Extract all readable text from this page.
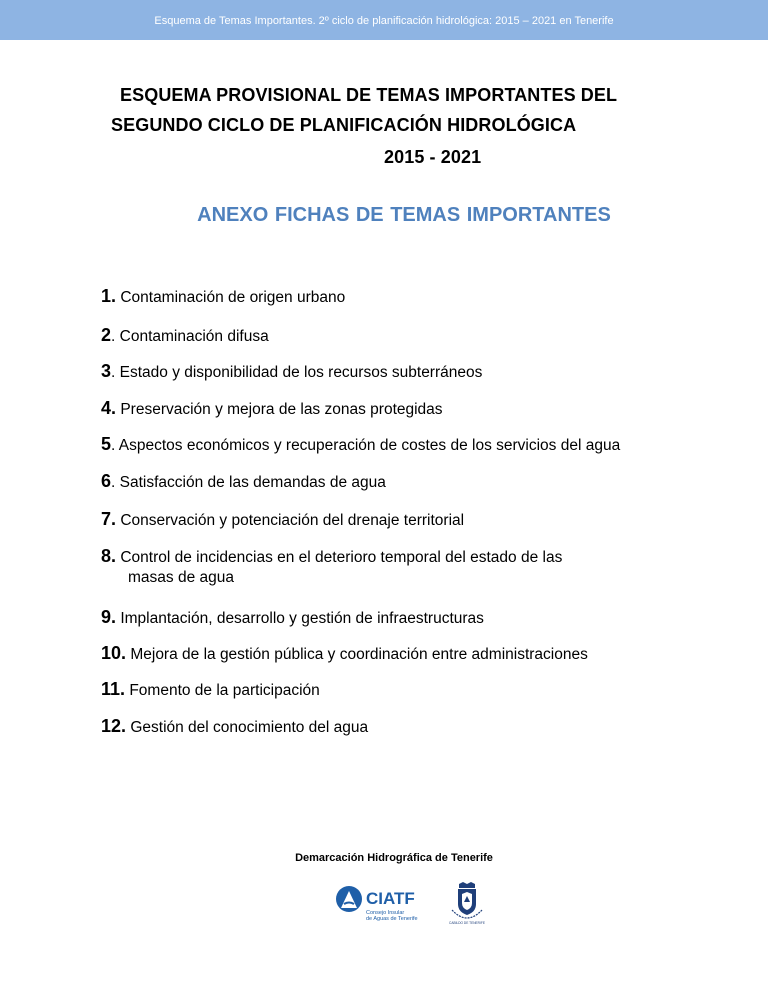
Esquema de Temas Importantes. 2º ciclo de planificación hidrológica: 2015 – 2021 en Tenerife
ESQUEMA PROVISIONAL DE TEMAS IMPORTANTES DEL
SEGUNDO CICLO DE PLANIFICACIÓN HIDROLÓGICA
2015 - 2021
ANEXO FICHAS DE TEMAS IMPORTANTES
1. Contaminación de origen urbano
2. Contaminación difusa
3. Estado y disponibilidad de los recursos subterráneos
4. Preservación y mejora de las zonas protegidas
5. Aspectos económicos y recuperación de costes de los servicios del agua
6. Satisfacción de las demandas de agua
7. Conservación y potenciación del drenaje territorial
8. Control de incidencias en el deterioro temporal del estado de las
masas de agua
9. Implantación, desarrollo y gestión de infraestructuras
10. Mejora de la gestión pública y coordinación entre administraciones
11. Fomento de la participación
12. Gestión del conocimiento del agua
Demarcación Hidrográfica de Tenerife
CIATF
Consejo Insular
de Aguas de Tenerife
CABILDO DE TENERIFE
